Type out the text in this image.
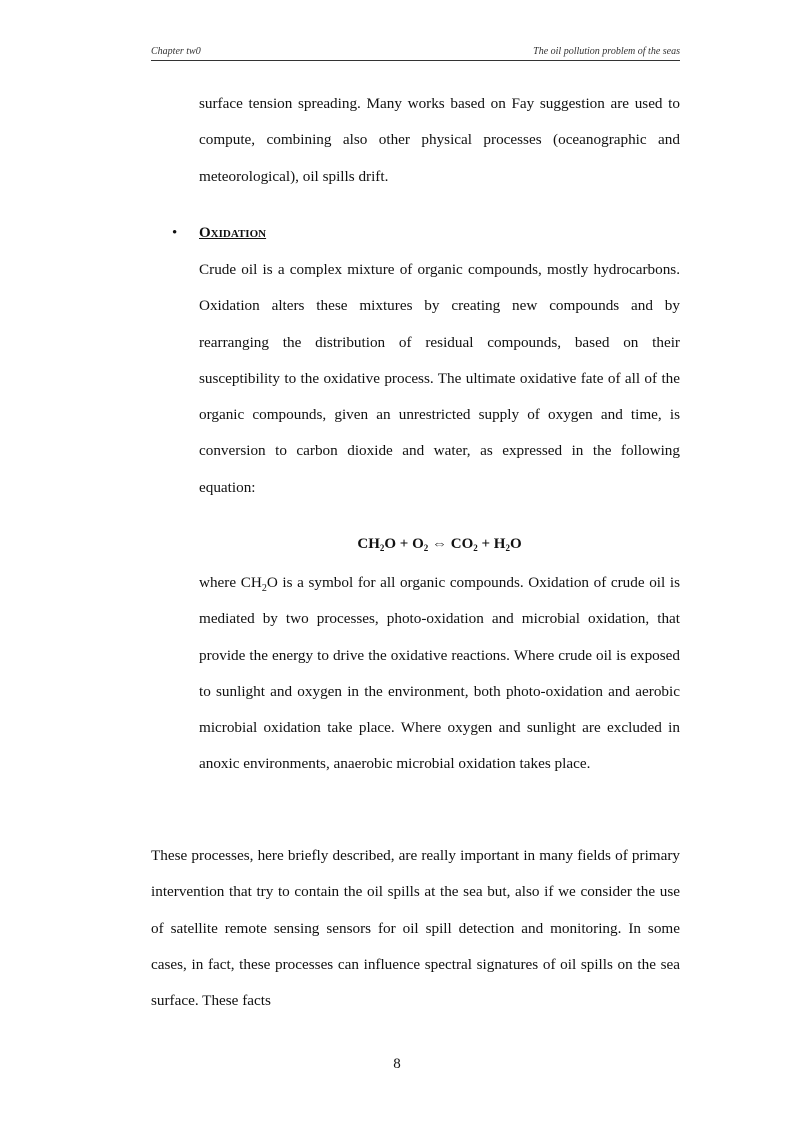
Chapter tw0	The oil pollution problem of the seas

surface tension spreading. Many works based on Fay suggestion are used to compute, combining also other physical processes (oceanographic and meteorological), oil spills drift.

• Oxidation

Crude oil is a complex mixture of organic compounds, mostly hydrocarbons. Oxidation alters these mixtures by creating new compounds and by rearranging the distribution of residual compounds, based on their susceptibility to the oxidative process. The ultimate oxidative fate of all of the organic compounds, given an unrestricted supply of oxygen and time, is conversion to carbon dioxide and water, as expressed in the following equation:

$CH_2O + O_2$ ⇔ $CO_2 + H_2O$

where $CH_2O$ is a symbol for all organic compounds. Oxidation of crude oil is mediated by two processes, photo-oxidation and microbial oxidation, that provide the energy to drive the oxidative reactions. Where crude oil is exposed to sunlight and oxygen in the environment, both photo-oxidation and aerobic microbial oxidation take place. Where oxygen and sunlight are excluded in anoxic environments, anaerobic microbial oxidation takes place.

These processes, here briefly described, are really important in many fields of primary intervention that try to contain the oil spills at the sea but, also if we consider the use of satellite remote sensing sensors for oil spill detection and monitoring. In some cases, in fact, these processes can influence spectral signatures of oil spills on the sea surface. These facts

8
